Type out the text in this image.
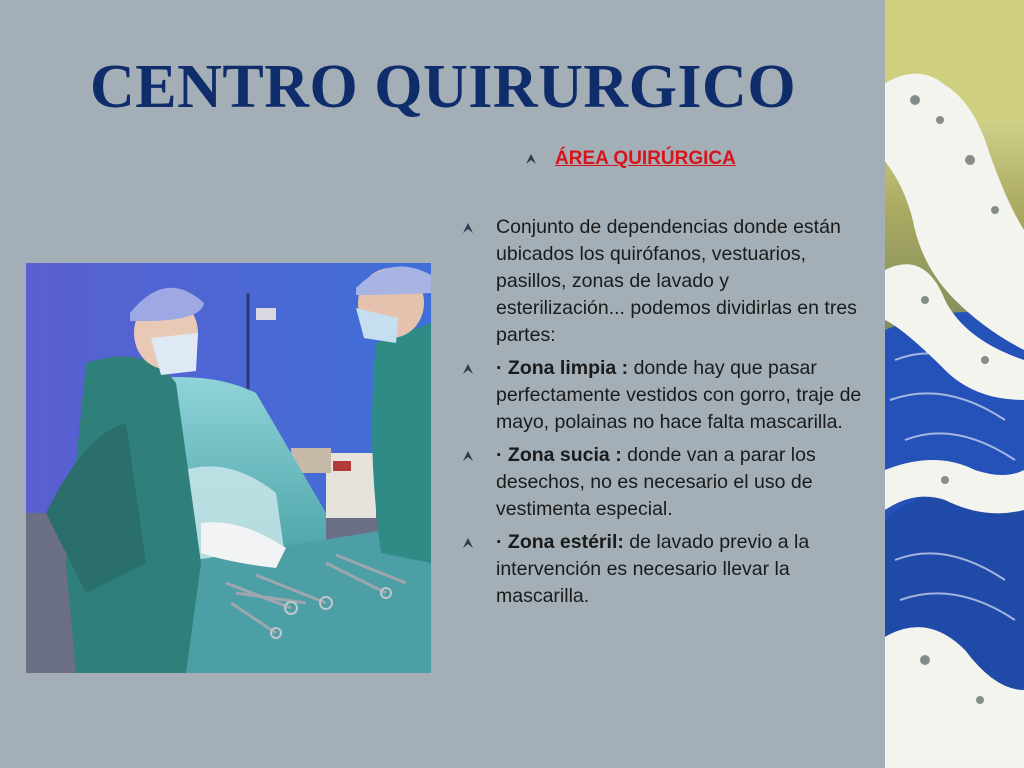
CENTRO QUIRURGICO
ÁREA QUIRÚRGICA
Conjunto de dependencias donde están ubicados los quirófanos, vestuarios, pasillos, zonas de lavado y esterilización... podemos dividirlas en tres partes:
· Zona limpia : donde hay que pasar perfectamente vestidos con gorro, traje de mayo, polainas no hace falta mascarilla.
· Zona sucia : donde van a parar los desechos, no es necesario el uso de vestimenta especial.
· Zona estéril: de lavado previo a la intervención es necesario llevar la mascarilla.
